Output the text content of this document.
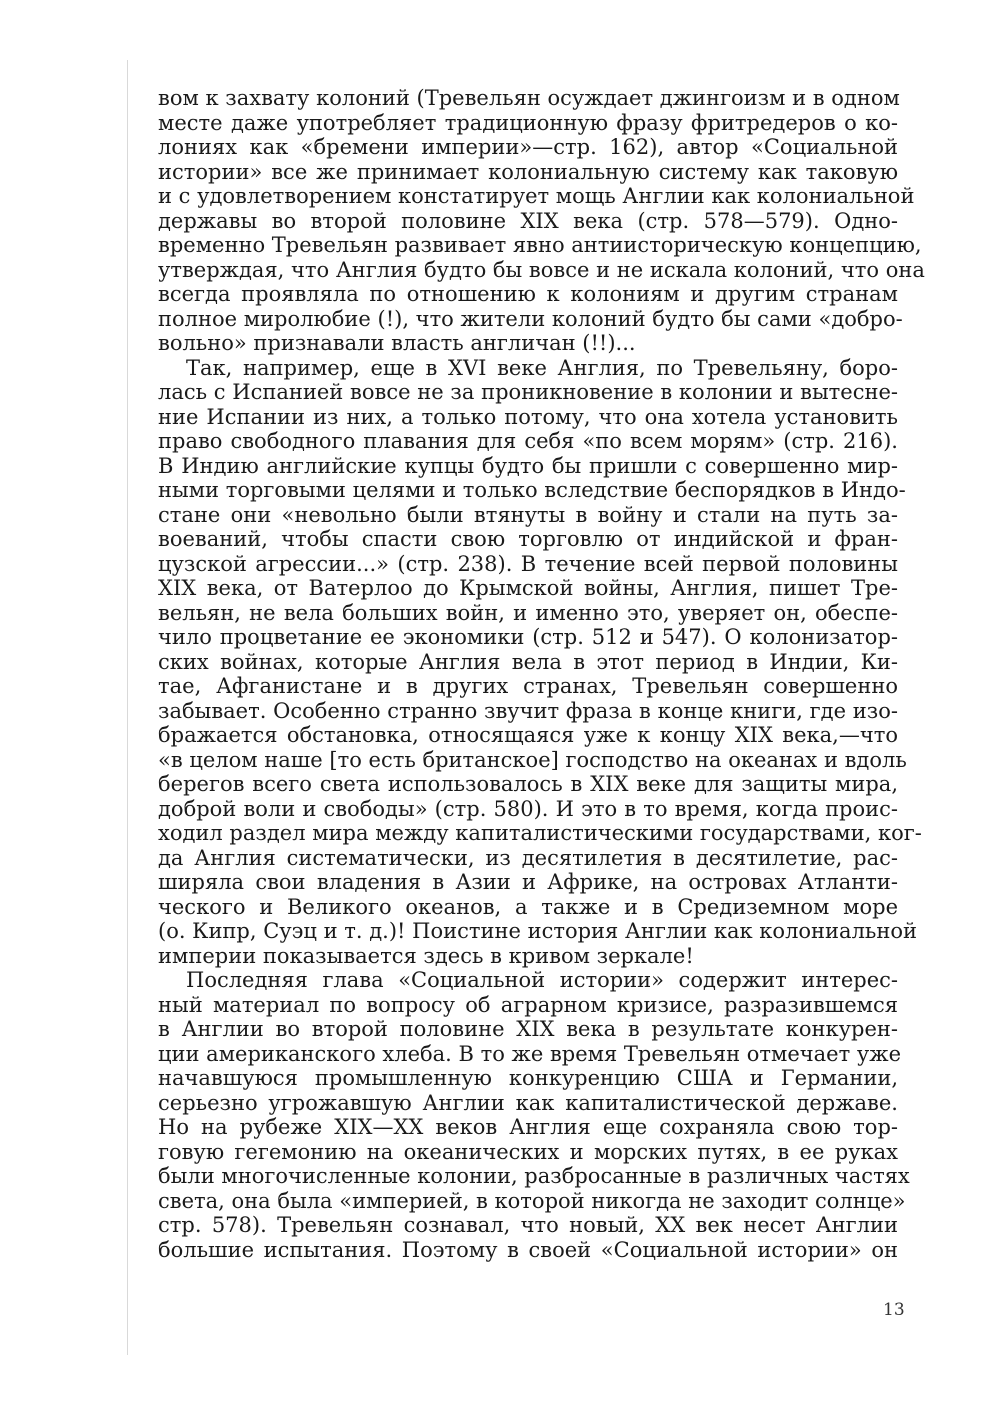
вом к захвату колоний (Тревельян осуждает джингоизм и в одном
месте даже употребляет традиционную фразу фритредеров о ко-
лониях как «бремени империи»—стр. 162), автор «Социальной
истории» все же принимает колониальную систему как таковую
и с удовлетворением констатирует мощь Англии как колониальной
державы во второй половине XIX века (стр. 578—579). Одно-
временно Тревельян развивает явно антиисторическую концепцию,
утверждая, что Англия будто бы вовсе и не искала колоний, что она
всегда проявляла по отношению к колониям и другим странам
полное миролюбие (!), что жители колоний будто бы сами «добро-
вольно» признавали власть англичан (!!)...
Так, например, еще в XVI веке Англия, по Тревельяну, боро-
лась с Испанией вовсе не за проникновение в колонии и вытесне-
ние Испании из них, а только потому, что она хотела установить
право свободного плавания для себя «по всем морям» (стр. 216).
В Индию английские купцы будто бы пришли с совершенно мир-
ными торговыми целями и только вследствие беспорядков в Индо-
стане они «невольно были втянуты в войну и стали на путь за-
воеваний, чтобы спасти свою торговлю от индийской и фран-
цузской агрессии...» (стр. 238). В течение всей первой половины
XIX века, от Ватерлоо до Крымской войны, Англия, пишет Тре-
вельян, не вела больших войн, и именно это, уверяет он, обеспе-
чило процветание ее экономики (стр. 512 и 547). О колонизатор-
ских войнах, которые Англия вела в этот период в Индии, Ки-
тае, Афганистане и в других странах, Тревельян совершенно
забывает. Особенно странно звучит фраза в конце книги, где изо-
бражается обстановка, относящаяся уже к концу XIX века,—что
«в целом наше [то есть британское] господство на океанах и вдоль
берегов всего света использовалось в XIX веке для защиты мира,
доброй воли и свободы» (стр. 580). И это в то время, когда проис-
ходил раздел мира между капиталистическими государствами, ког-
да Англия систематически, из десятилетия в десятилетие, рас-
ширяла свои владения в Азии и Африке, на островах Атланти-
ческого и Великого океанов, а также и в Средиземном море
(о. Кипр, Суэц и т. д.)! Поистине история Англии как колониальной
империи показывается здесь в кривом зеркале!
Последняя глава «Социальной истории» содержит интерес-
ный материал по вопросу об аграрном кризисе, разразившемся
в Англии во второй половине XIX века в результате конкурен-
ции американского хлеба. В то же время Тревельян отмечает уже
начавшуюся промышленную конкуренцию США и Германии,
серьезно угрожавшую Англии как капиталистической державе.
Но на рубеже XIX—XX веков Англия еще сохраняла свою тор-
говую гегемонию на океанических и морских путях, в ее руках
были многочисленные колонии, разбросанные в различных частях
света, она была «империей, в которой никогда не заходит солнце»
стр. 578). Тревельян сознавал, что новый, XX век несет Англии
большие испытания. Поэтому в своей «Социальной истории» он
13
